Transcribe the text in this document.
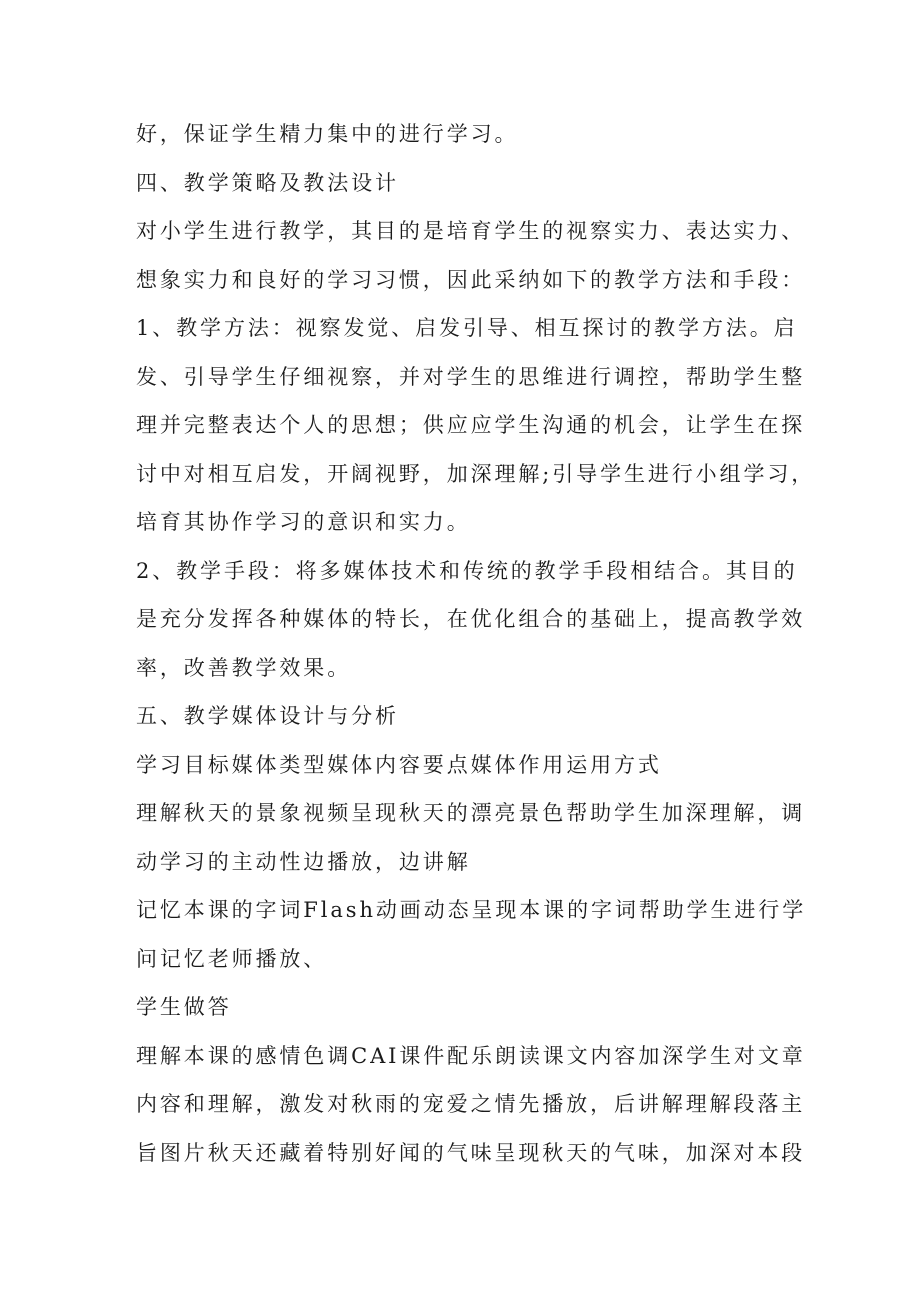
好，保证学生精力集中的进行学习。
四、教学策略及教法设计
对小学生进行教学，其目的是培育学生的视察实力、表达实力、
想象实力和良好的学习习惯，因此采纳如下的教学方法和手段：
1、教学方法：视察发觉、启发引导、相互探讨的教学方法。启
发、引导学生仔细视察，并对学生的思维进行调控，帮助学生整
理并完整表达个人的思想；供应应学生沟通的机会，让学生在探
讨中对相互启发，开阔视野，加深理解;引导学生进行小组学习，
培育其协作学习的意识和实力。
2、教学手段：将多媒体技术和传统的教学手段相结合。其目的
是充分发挥各种媒体的特长，在优化组合的基础上，提高教学效
率，改善教学效果。
五、教学媒体设计与分析
学习目标媒体类型媒体内容要点媒体作用运用方式
理解秋天的景象视频呈现秋天的漂亮景色帮助学生加深理解，调
动学习的主动性边播放，边讲解
记忆本课的字词Flash动画动态呈现本课的字词帮助学生进行学
问记忆老师播放、
学生做答
理解本课的感情色调CAI课件配乐朗读课文内容加深学生对文章
内容和理解，激发对秋雨的宠爱之情先播放，后讲解理解段落主
旨图片秋天还藏着特别好闻的气味呈现秋天的气味，加深对本段
